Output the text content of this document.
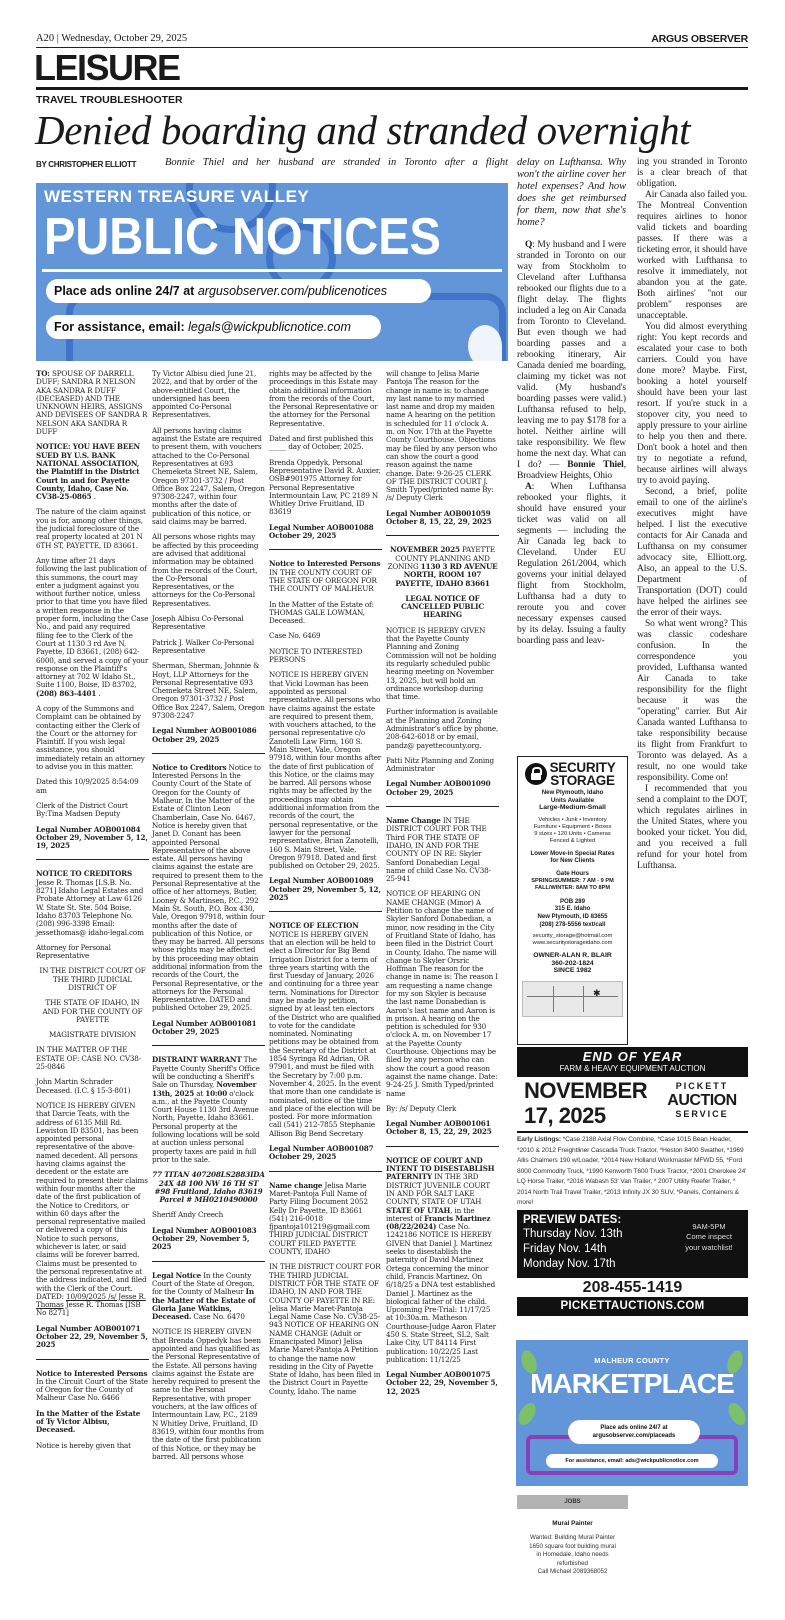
A20 | Wednesday, October 29, 2025	ARGUS OBSERVER
LEISURE
TRAVEL TROUBLESHOOTER
Denied boarding and stranded overnight
BY CHRISTOPHER ELLIOTT	Bonnie Thiel and her husband are stranded in Toronto after a flight delay on Lufthansa. Why won't the airline cover her hotel expenses? And how does she get reimbursed for them, now that she's home?

Q: My husband and I were stranded in Toronto on our way from Stockholm to Cleveland after Lufthansa rebooked our flights due to a flight delay. The flights included a leg on Air Canada from Toronto to Cleveland. But even though we had boarding passes and a rebooking itinerary, Air Canada denied me boarding, claiming my ticket was not valid. (My husband's boarding passes were valid.) Lufthansa refused to help, leaving me to pay $178 for a hotel. Neither airline will take responsibility. We flew home the next day. What can I do? — Bonnie Thiel, Broadview Heights, Ohio

A: When Lufthansa rebooked your flights, it should have ensured your ticket was valid on all segments — including the Air Canada leg back to Cleveland. Under EU Regulation 261/2004, which governs your initial delayed flight from Stockholm, Lufthansa had a duty to reroute you and cover necessary expenses caused by its delay. Issuing a faulty boarding pass and leav-

ing you stranded in Toronto is a clear breach of that obligation.

Air Canada also failed you. The Montreal Convention requires airlines to honor valid tickets and boarding passes. If there was a ticketing error, it should have worked with Lufthansa to resolve it immediately, not abandon you at the gate. Both airlines' "not our problem" responses are unacceptable.

You did almost everything right: You kept records and escalated your case to both carriers. Could you have done more? Maybe. First, booking a hotel yourself should have been your last resort. If you're stuck in a stopover city, you need to apply pressure to your airline to help you then and there. Don't book a hotel and then try to negotiate a refund, because airlines will always try to avoid paying.

Second, a brief, polite email to one of the airline's executives might have helped. I list the executive contacts for Air Canada and Lufthansa on my consumer advocacy site, Elliott.org. Also, an appeal to the U.S. Department of Transportation (DOT) could have helped the airlines see the error of their ways.

So what went wrong? This was classic codeshare confusion. In the correspondence you provided, Lufthansa wanted Air Canada to take responsibility for the flight because it was the "operating" carrier. But Air Canada wanted Lufthansa to take responsibility because its flight from Frankfurt to Toronto was delayed. As a result, no one would take responsibility. Come on!

I recommended that you send a complaint to the DOT, which regulates airlines in the United States, where you booked your ticket. You did, and you received a full refund for your hotel from Lufthansa.

WESTERN TREASURE VALLEY
PUBLIC NOTICES
Place ads online 24/7 at argusobserver.com/publicenotices
For assistance, email: legals@wickpublicnotice.com
TO: SPOUSE OF DARRELL DUFF; SANDRA R NELSON AKA SANDRA R DUFF (DECEASED) AND THE UNKNOWN HEIRS, ASSIGNS AND DEVISEES OF SANDRA R NELSON AKA SANDRA R DUFF
NOTICE: YOU HAVE BEEN SUED BY U.S. BANK NATIONAL ASSOCIATION, the Plaintiff in the District Court in and for Payette County, Idaho, Case No. CV38-25-0865 .
The nature of the claim against you is for, among other things, the judicial foreclosure of the real property located at 201 N 6TH ST, PAYETTE, ID 83661.
Any time after 21 days following the last publication of this summons, the court may enter a judgment against you without further notice, unless prior to that time you have filed a written response in the proper form, including the Case No., and paid any required filing fee to the Clerk of the Court at 1130 3 rd Ave N, Payette, ID 83661, (208) 642-6000, and served a copy of your response on the Plaintiff's attorney at 702 W Idaho St., Suite 1100, Boise, ID 83702, (208) 863-4401 .
A copy of the Summons and Complaint can be obtained by contacting either the Clerk of the Court or the attorney for Plaintiff. If you wish legal assistance, you should immediately retain an attorney to advise you in this matter.
Dated this 10/9/2025 8:54:09 am
Clerk of the District Court By:Tina Madsen Deputy
Legal Number AOB001084 October 29, November 5, 12, 19, 2025
NOTICE TO CREDITORS Jesse R. Thomas [I.S.B. No. 8271] Idaho Legal Estates and Probate Attorney at Law 6126 W. State St. Ste. 504 Boise, Idaho 83703 Telephone No. (208) 996-3398 Email: jessethomas@ idaho-legal.com
Attorney for Personal Representative
IN THE DISTRICT COURT OF THE THIRD JUDICIAL DISTRICT OF
THE STATE OF IDAHO, IN AND FOR THE COUNTY OF PAYETTE
MAGISTRATE DIVISION
IN THE MATTER OF THE ESTATE OF: CASE NO. CV38-25-0846
John Martin Schrader Deceased. (I.C. § 15-3-801)
NOTICE IS HEREBY GIVEN that Darcie Teats, with the address of 6135 Mill Rd. Lewiston ID 83501, has been appointed personal representative of the above-named decedent. All persons having claims against the decedent or the estate are required to present their claims within four months after the date of the first publication of the Notice to Creditors, or within 60 days after the personal representative mailed or delivered a copy of this Notice to such persons, whichever is later, or said claims will be forever barred. Claims must be presented to the personal representative at the address indicated, and filed with the Clerk of the Court. DATED: 10/09/2025 /s/ Jesse R. Thomas Jesse R. Thomas [ISB No 8271]
Legal Number AOB001071 October 22, 29, November 5, 2025
Notice to Interested Persons In the Circuit Court of the State of Oregon for the County of Malheur Case No. 6466
In the Matter of the Estate of Ty Victor Albisu, Deceased.
Notice is hereby given that
Ty Victor Albisu died June 21, 2022, and that by order of the above-entitled Court, the undersigned has been appointed Co-Personal Representatives.
All persons having claims against the Estate are required to present them, with vouchers attached to the Co-Personal Representatives at 693 Chemeketa Street NE, Salem, Oregon 97301-3732 / Post Office Box 2247, Salem, Oregon 97308-2247, within four months after the date of publication of this notice, or said claims may be barred.
All persons whose rights may be affected by this proceeding are advised that additional information may be obtained from the records of the Court, the Co-Personal Representatives, or the attorneys for the Co-Personal Representatives.
Joseph Albisu Co-Personal Representative
Patrick J. Walker Co-Personal Representative
Sherman, Sherman, Johnnie & Hoyt, LLP Attorneys for the Personal Representative 693 Chemeketa Street NE, Salem, Oregon 97301-3732 / Post Office Box 2247, Salem, Oregon 97308-2247
Legal Number AOB001086 October 29, 2025
Notice to Creditors Notice to Interested Persons In the County Court of the State of Oregon for the County of Malheur. In the Matter of the Estate of Clinton Leon Chamberlain, Case No. 6467, Notice is hereby given that Janet D. Conant has been appointed Personal Representative of the above estate. All persons having claims against the estate are required to present them to the Personal Representative at the office of her attorneys, Butler, Looney & Martinsen, P.C., 292 Main St. South, P.O. Box 430, Vale, Oregon 97918, within four months after the date of publication of this Notice, or they may be barred. All persons whose rights may be affected by this proceeding may obtain additional information from the records of the Court, the Personal Representative, or the attorneys for the Personal Representative. DATED and published October 29, 2025.
Legal Number AOB001081 October 29, 2025
DISTRAINT WARRANT The Payette County Sheriff's Office will be conducting a Sheriff's Sale on Thursday, November 13th, 2025 at 10:00 o'clock a.m., at the Payette County Court House 1130 3rd Avenue North, Payette, Idaho 83661. Personal property at the following locations will be sold at auction unless personal property taxes are paid in full prior to the sale.
77 TITAN 407208LS2883IDA 24X 48 100 NW 16 TH ST #98 Fruitland, Idaho 83619 Parcel # MH0210490000
Sheriff Andy Creech
Legal Number AOB001083 October 29, November 5, 2025
Legal Notice In the County Court of the State of Oregon, for the County of Malheur In the Matter of the Estate of Gloria Jane Watkins, Deceased. Case No. 6470
NOTICE IS HEREBY GIVEN that Brenda Oppedyk has been appointed and has qualified as the Personal Representative of the Estate. All persons having claims against the Estate are hereby required to present the same to the Personal Representative, with proper vouchers, at the law offices of Intermountain Law, P.C., 2189 N Whitley Drive, Fruitland, ID 83619, within four months from the date of the first publication of this Notice, or they may be barred. All persons whose
rights may be affected by the proceedings in this Estate may obtain additional information from the records of the Court, the Personal Representative or the attorney for the Personal Representative.
Dated and first published this _____ day of October, 2025.
Brenda Oppedyk, Personal Representative David R. Auxier, OSB#901975 Attorney for Personal Representative Intermountain Law, PC 2189 N Whitley Drive Fruitland, ID 83619
Legal Number AOB001088 October 29, 2025
Notice to Interested Persons IN THE COUNTY COURT OF THE STATE OF OREGON FOR THE COUNTY OF MALHEUR
In the Matter of the Estate of: THOMAS GALE LOWMAN, Deceased.
Case No. 6469
NOTICE TO INTERESTED PERSONS
NOTICE IS HEREBY GIVEN that Vicki Lowman has been appointed as personal representative. All persons who have claims against the estate are required to present them, with vouchers attached, to the personal representative c/o Zanotelli Law Firm, 160 S. Main Street, Vale, Oregon 97918, within four months after the date of first publication of this Notice, or the claims may be barred. All persons whose rights may be affected by the proceedings may obtain additional information from the records of the court, the personal representative, or the lawyer for the personal representative, Brian Zanotelli, 160 S. Main Street, Vale, Oregon 97918. Dated and first published on October 29, 2025.
Legal Number AOB001089 October 29, November 5, 12, 2025
NOTICE OF ELECTION NOTICE IS HEREBY GIVEN that an election will be held to elect a Director for Big Bend Irrigation District for a term of three years starting with the first Tuesday of January, 2026 and continuing for a three year term. Nominations for Director may be made by petition, signed by at least ten electors of the District who are qualified to vote for the candidate nominated. Nominating petitions may be obtained from the Secretary of the District at 1854 Syringa Rd Adrian, OR 97901, and must be filed with the Secretary by 7:00 p.m. November 4, 2025. In the event that more than one candidate is nominated, notice of the time and place of the election will be posted. For more information call (541) 212-7855 Stephanie Allison Big Bend Secretary
Legal Number AOB001087 October 29, 2025
Name change Jelisa Marie Maret-Pantoja Full Name of Party Filing Document 2052 Kelly Dr Payette, ID 83661 (541) 216-0018 fjpantoja101219@gmail.com THIRD JUDICIAL DISTRICT COURT FILED PAYETTE COUNTY, IDAHO
IN THE DISTRICT COURT FOR THE THIRD JUDICIAL DISTRICT FOR THE STATE OF IDAHO, IN AND FOR THE COUNTY OF PAYETTE IN RE: Jelisa Marie Maret-Pantoja Legal Name Case No. CV38-25-943 NOTICE OF HEARING ON NAME CHANGE (Adult or Emancipated Minor) Jelisa Marie Maret-Pantoja A Petition to change the name now residing in the City of Payette State of Idaho, has been filed in the District Court in Payette County, Idaho. The name
will change to Jelisa Marie Pantoja The reason for the change in name is: to change my last name to my married last name and drop my maiden name A hearing on the petition is scheduled for 11 o'clock A. m. on Nov. 17th at the Payette County Courthouse. Objections may be filed by any person who can show the court a good reason against the name change. Date: 9-26-25 CLERK OF THE DISTRICT COURT J. Smith Typed/printed name By: /s/ Deputy Clerk
Legal Number AOB001059 October 8, 15, 22, 29, 2025
NOVEMBER 2025 PAYETTE COUNTY PLANNING AND ZONING 1130 3 RD AVENUE NORTH, ROOM 107 PAYETTE, IDAHO 83661
LEGAL NOTICE OF CANCELLED PUBLIC HEARING
NOTICE IS HEREBY GIVEN that the Payette County Planning and Zoning Commission will not be holding its regularly scheduled public hearing meeting on November 13, 2025, but will hold an ordinance workshop during that time.
Further information is available at the Planning and Zoning Administrator's office by phone, 208-642-6018 or by email, pandz@ payettecounty.org.
Patti Nitz Planning and Zoning Administrator
Legal Number AOB001090 October 29, 2025
Name Change IN THE DISTRICT COURT FOR THE Third FOR THE STATE OF IDAHO, IN AND FOR THE COUNTY OF IN RE: Skyler Sanford Donabedian Legal name of child Case No. CV38-25-941
NOTICE OF HEARING ON NAME CHANGE (Minor) A Petition to change the name of Skyler Sanford Donabedian, a minor, now residing in the City of Fruitland State of Idaho, has been filed in the District Court in County, Idaho. The name will change to Skyler Orsric Hoffman The reason for the change in name is: The reason I am requesting a name change for my son Skyler is because the last name Donabedian is Aaron's last name and Aaron is in prison. A hearing on the petition is scheduled for 930 o'clock A. m. on November 17 at the Payette County Courthouse. Objections may be filed by any person who can show the court a good reason against the name change. Date: 9-24-25 J. Smith Typed/printed name
By: /s/ Deputy Clerk
Legal Number AOB001061 October 8, 15, 22, 29, 2025
NOTICE OF COURT AND INTENT TO DISESTABLISH PATERNITY IN THE 3RD DISTRICT JUVENILE COURT IN AND FOR SALT LAKE COUNTY, STATE OF UTAH STATE OF UTAH, in the interest of Francis Martinez (08/22/2024) Case No. 1242186 NOTICE IS HEREBY GIVEN that Daniel J. Martinez seeks to disestablish the paternity of David Martinez Ortega concerning the minor child, Francis Martinez. On 6/18/25 a DNA test established Daniel J. Martinez as the biological father of the child. Upcoming Pre-Trial: 11/17/25 at 10:30a.m. Matheson Courthouse-Judge Aaron Flater 450 S. State Street, SL2, Salt Lake City, UT 84114 First publication: 10/22/25 Last publication: 11/12/25
Legal Number AOB001075 October 22, 29, November 5, 12, 2025
SECURITY
STORAGE
New Plymouth, Idaho
Units Available
Large-Medium-Small
Vehicles • Junk • Inventory
Furniture • Equipment • Boxes
9 sizes • 120 Units • Cameras
Fenced & Lighted
Lower Move-in Special Rates
for New Clients
Gate Hours
SPRING/SUMMER: 7 AM - 9 PM
FALL/WINTER: 8AM TO 8PM
POB 289
315 E. Idaho
New Plymouth, ID 83655
(208) 278-5556 text/call
security_storage@hotmail.com
www.securitystorageidaho.com
OWNER-ALAN R. BLAIR
360-202-1824
SINCE 1982
✱
END OF YEAR
FARM & HEAVY EQUIPMENT AUCTION
NOVEMBER
17, 2025
PICKETT
AUCTION
SERVICE
Early Listings: *Case 2188 Axial Flow Combine, *Case 1015 Bean Header, *2010 & 2012 Freightliner Cascadia Truck Tractor, *Heston 8400 Swather, *1969 Allis Chalmers 190 w/Loader, *2014 New Holland Workmaster MFWD 55, *Ford 8000 Commodity Truck, *1990 Kenworth T600 Truck Tractor, *2001 Cherokee 24' LQ Horse Trailer, *2016 Wabash 53' Van Trailer, * 2007 Utility Reefer Trailer, * 2014 North Trail Travel Trailer, *2013 Infinity JX 30 SUV, *Panels, Containers & more!
PREVIEW DATES:
Thursday Nov. 13th
Friday Nov. 14th
Monday Nov. 17th
9AM-5PM
Come inspect
your watchlist!
208-455-1419
PICKETTAUCTIONS.COM
MALHEUR COUNTY
MARKETPLACE
Place ads online 24/7 at
argusobserver.com/placeads
For assistance, email: ads@wickpublicnotice.com
JOBS
Mural Painter
Wanted: Building Mural Painter
1650 square foot building mural
in Homedale, Idaho needs
refurbished
Call Michael 2089368052
